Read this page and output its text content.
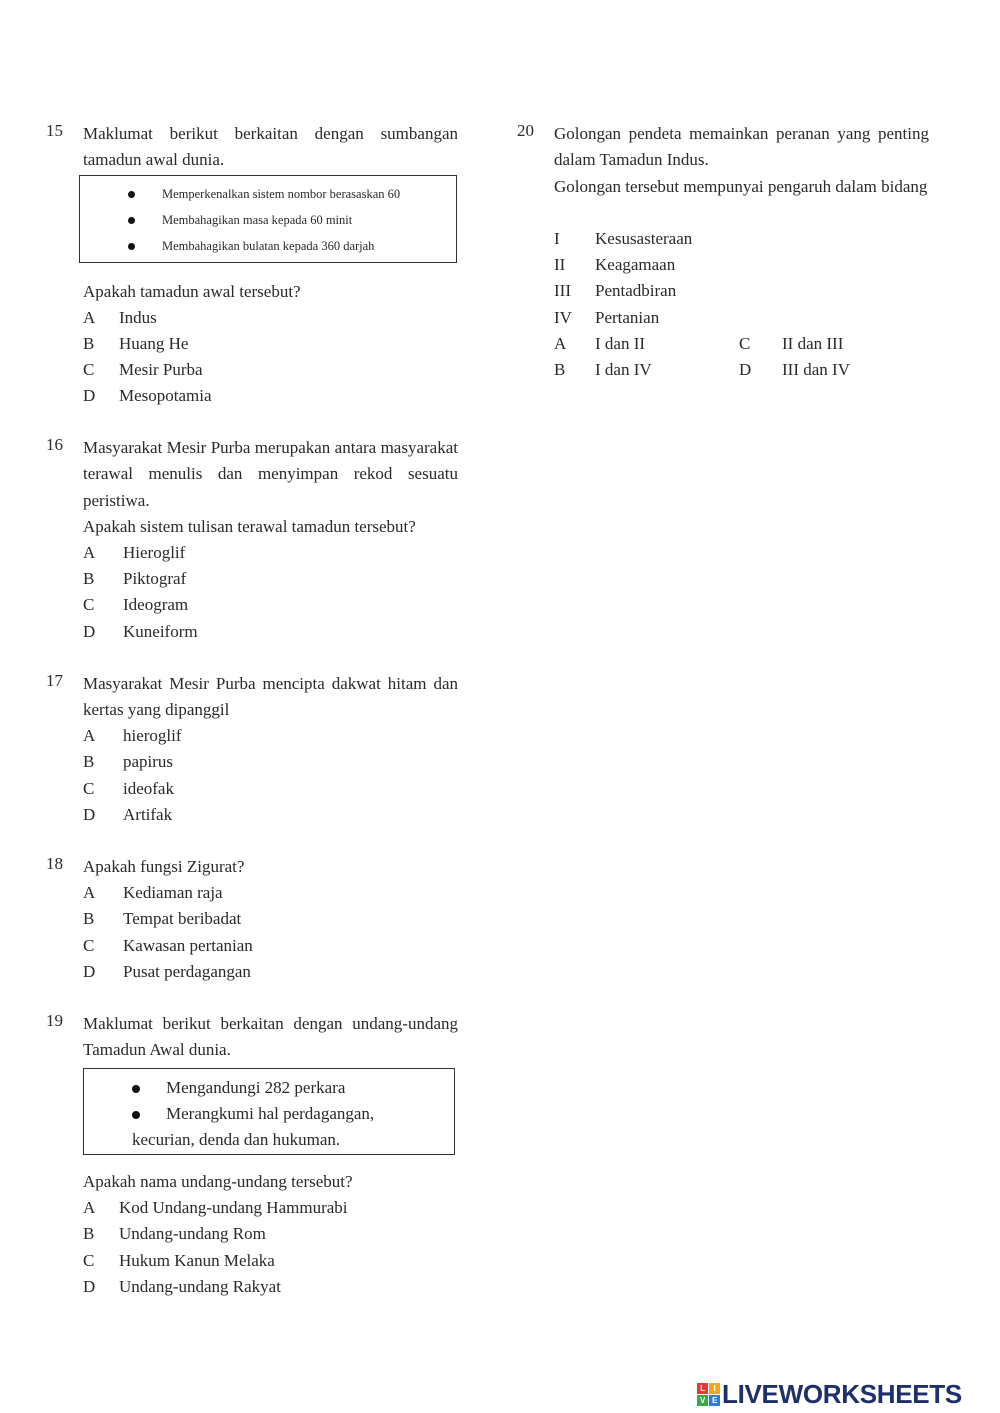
15 Maklumat berikut berkaitan dengan sumbangan tamadun awal dunia.
Memperkenalkan sistem nombor berasaskan 60
Membahagikan masa kepada 60 minit
Membahagikan bulatan kepada 360 darjah
Apakah tamadun awal tersebut?
A Indus
B Huang He
C Mesir Purba
D Mesopotamia
16 Masyarakat Mesir Purba merupakan antara masyarakat terawal menulis dan menyimpan rekod sesuatu peristiwa.
Apakah sistem tulisan terawal tamadun tersebut?
A Hieroglif
B Piktograf
C Ideogram
D Kuneiform
17 Masyarakat Mesir Purba mencipta dakwat hitam dan kertas yang dipanggil
A hieroglif
B papirus
C ideofak
D Artifak
18 Apakah fungsi Zigurat?
A Kediaman raja
B Tempat beribadat
C Kawasan pertanian
D Pusat perdagangan
19 Maklumat berikut berkaitan dengan undang-undang Tamadun Awal dunia.
Mengandungi 282 perkara
Merangkumi hal perdagangan,
kecurian, denda dan hukuman.
Apakah nama undang-undang tersebut?
A Kod Undang-undang Hammurabi
B Undang-undang Rom
C Hukum Kanun Melaka
D Undang-undang Rakyat
20 Golongan pendeta memainkan peranan yang penting dalam Tamadun Indus.
Golongan tersebut mempunyai pengaruh dalam bidang
I Kesusasteraan
II Keagamaan
III Pentadbiran
IV Pertanian
A I dan II	C II dan III
B I dan IV	D III dan IV
L	I
V E LIVEWORKSHEETS
